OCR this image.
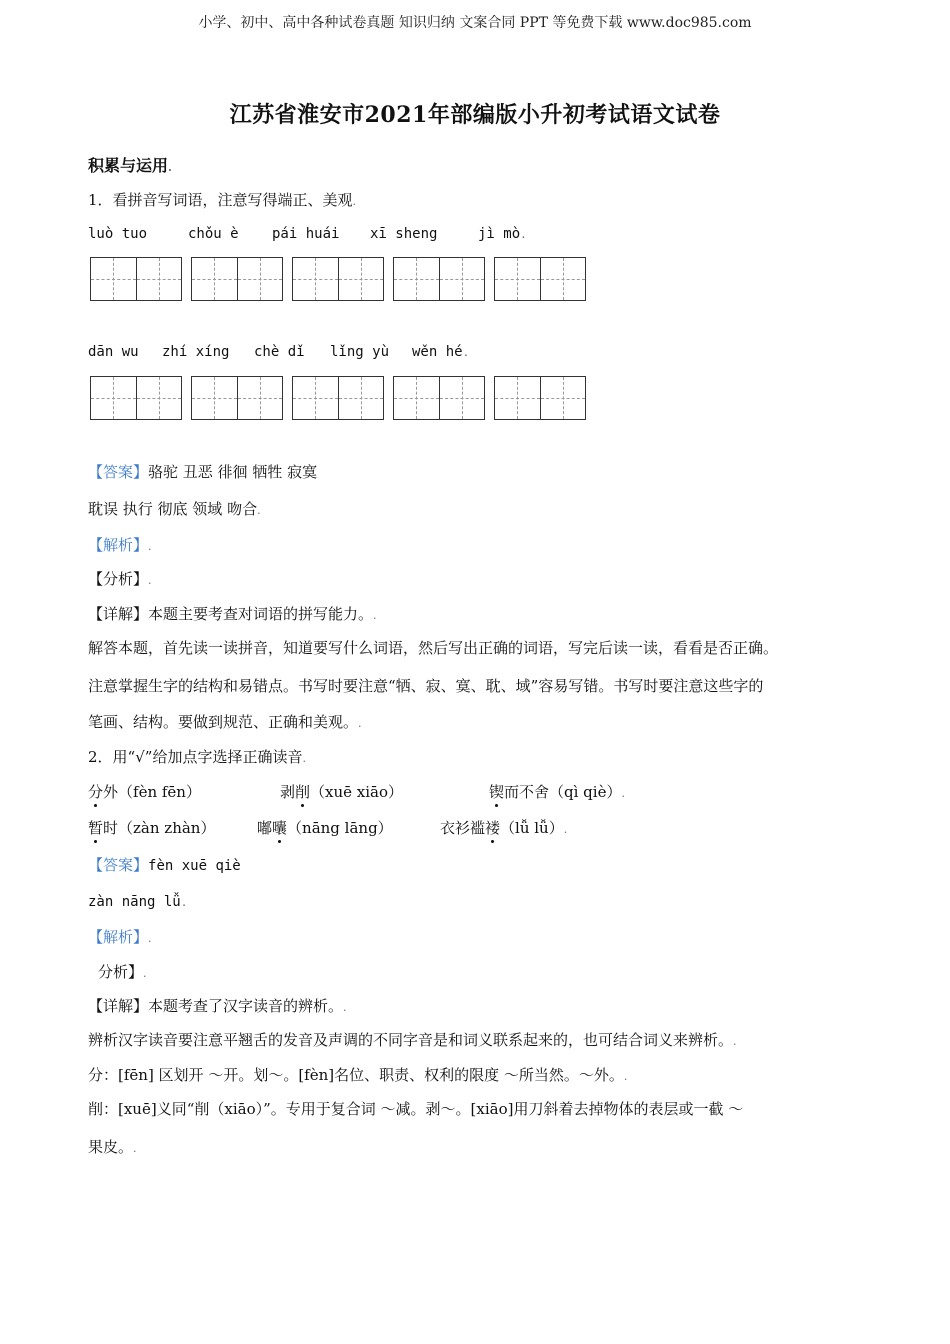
小学、初中、高中各种试卷真题 知识归纳 文案合同 PPT 等免费下载 www.doc985.com
江苏省淮安市2021年部编版小升初考试语文试卷
积累与运用.
1．看拼音写词语，注意写得端正、美观.
luò tuo	chǒu è pái huái xī sheng	jì mò.
dān wu zhí xíng chè dǐ lǐng yù wěn hé.
【答案】骆驼 丑恶 徘徊 牺牲 寂寞
耽误 执行 彻底 领域 吻合.
【解析】.
【分析】.
【详解】本题主要考查对词语的拼写能力。.
解答本题，首先读一读拼音，知道要写什么词语，然后写出正确的词语，写完后读一读，看看是否正确。
注意掌握生字的结构和易错点。书写时要注意“牺、寂、寞、耽、域”容易写错。书写时要注意这些字的
笔画、结构。要做到规范、正确和美观。.
2．用“√”给加点字选择正确读音.
分外（fèn fēn）	剥削（xuē xiāo）	锲而不舍（qì qiè）.
暂时（zàn zhàn）	嘟囔（nāng lāng）	衣衫褴褛（lǚ lǚ）.
【答案】fèn xuē qiè
zàn nāng lǚ.
【解析】.
分析】.
【详解】本题考查了汉字读音的辨析。.
辨析汉字读音要注意平翘舌的发音及声调的不同字音是和词义联系起来的，也可结合词义来辨析。.
分：[fēn] 区划开 ～开。划～。[fèn]名位、职责、权利的限度 ～所当然。～外。.
削：[xuē]义同“削（xiāo）”。专用于复合词 ～减。剥～。[xiāo]用刀斜着去掉物体的表层或一截 ～
果皮。.
